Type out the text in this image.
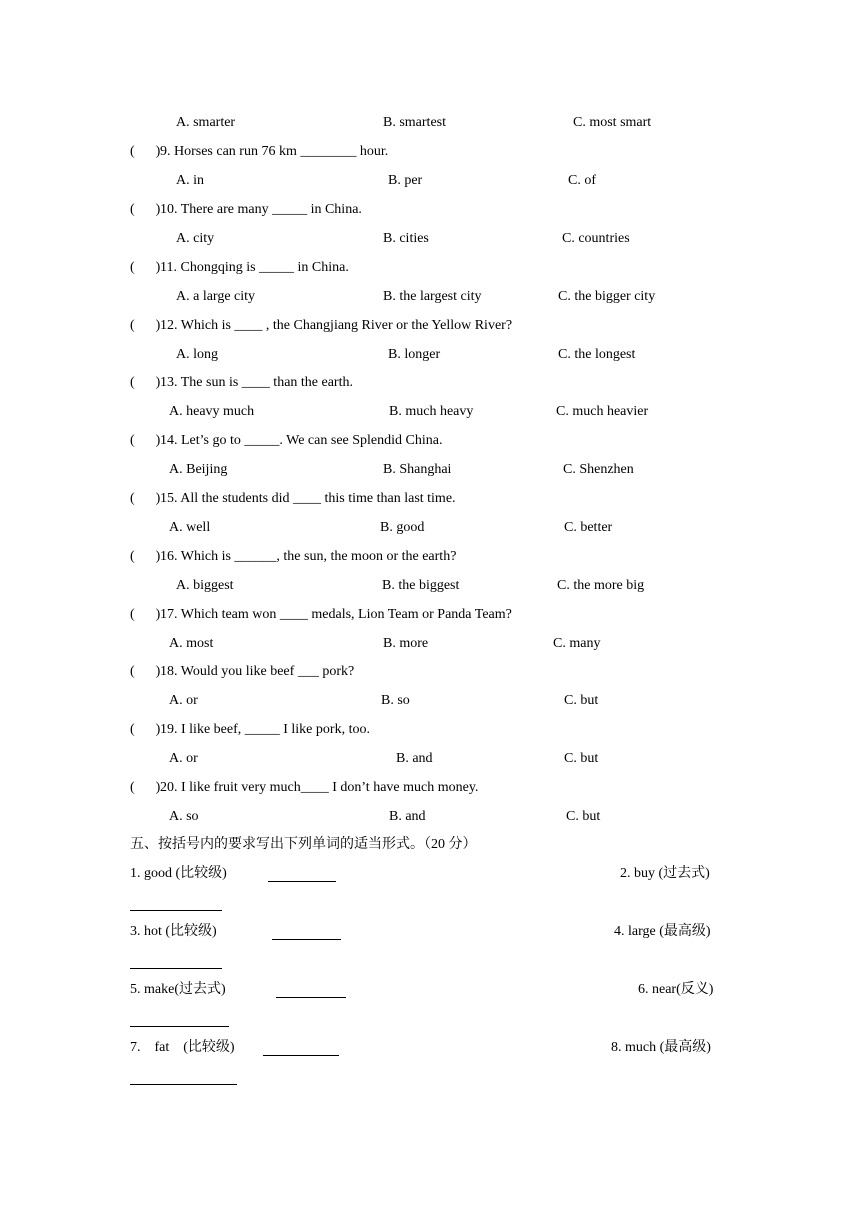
A. smarter	B. smartest	C. most smart
(      )9. Horses can run 76 km ________ hour.
A. in	B. per	C. of
(      )10. There are many _____ in China.
A. city	B. cities	C. countries
(      )11. Chongqing is _____ in China.
A. a large city	B. the largest city	C. the bigger city
(      )12. Which is ____ , the Changjiang River or the Yellow River?
A. long	B. longer	C. the longest
(      )13. The sun is ____ than the earth.
A. heavy much	B. much heavy	C. much heavier
(      )14. Let’s go to _____. We can see Splendid China.
A. Beijing	B. Shanghai	C. Shenzhen
(      )15. All the students did ____ this time than last time.
A. well	B. good	C. better
(      )16. Which is ______, the sun, the moon or the earth?
A. biggest	B. the biggest	C. the more big
(      )17. Which team won ____ medals, Lion Team or Panda Team?
A. most	B. more	C. many
(      )18. Would you like beef ___ pork?
A. or	B. so	C. but
(      )19. I like beef, _____ I like pork, too.
A. or	B. and	C. but
(      )20. I like fruit very much____ I don’t have much money.
A. so	B. and	C. but
五、按括号内的要求写出下列单词的适当形式。（20 分）
1. good (比较级)	2. buy (过去式)
3. hot (比较级)	4. large (最高级)
5. make(过去式)	6. near(反义)
7.    fat    (比较级)	8. much (最高级)
